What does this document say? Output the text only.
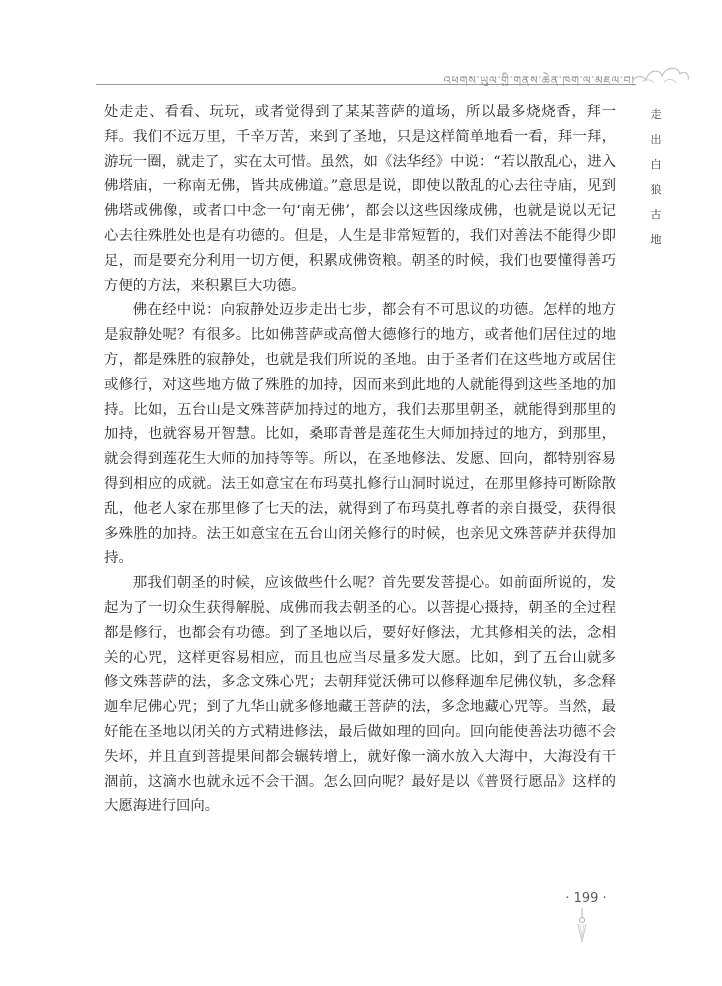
འཕགས་ཡུལ་གྱི་གནས་ཆེན་ཁག་ལ་མཇལ་བ།
走出白狼古地

处走走、看看、玩玩，或者觉得到了某某菩萨的道场，所以最多烧烧香，拜一拜。我们不远万里，千辛万苦，来到了圣地，只是这样简单地看一看，拜一拜，游玩一圈，就走了，实在太可惜。虽然，如《法华经》中说：“若以散乱心，进入佛塔庙，一称南无佛，皆共成佛道。”意思是说，即使以散乱的心去往寺庙，见到佛塔或佛像，或者口中念一句‘南无佛’，都会以这些因缘成佛，也就是说以无记心去往殊胜处也是有功德的。但是，人生是非常短暂的，我们对善法不能得少即足，而是要充分利用一切方便，积累成佛资粮。朝圣的时候，我们也要懂得善巧方便的方法，来积累巨大功德。

佛在经中说：向寂静处迈步走出七步，都会有不可思议的功德。怎样的地方是寂静处呢？有很多。比如佛菩萨或高僧大德修行的地方，或者他们居住过的地方，都是殊胜的寂静处，也就是我们所说的圣地。由于圣者们在这些地方或居住或修行，对这些地方做了殊胜的加持，因而来到此地的人就能得到这些圣地的加持。比如，五台山是文殊菩萨加持过的地方，我们去那里朝圣，就能得到那里的加持，也就容易开智慧。比如，桑耶青普是莲花生大师加持过的地方，到那里，就会得到莲花生大师的加持等等。所以，在圣地修法、发愿、回向，都特别容易得到相应的成就。法王如意宝在布玛莫扎修行山洞时说过，在那里修持可断除散乱，他老人家在那里修了七天的法，就得到了布玛莫扎尊者的亲自摄受，获得很多殊胜的加持。法王如意宝在五台山闭关修行的时候，也亲见文殊菩萨并获得加持。

那我们朝圣的时候，应该做些什么呢？首先要发菩提心。如前面所说的，发起为了一切众生获得解脱、成佛而我去朝圣的心。以菩提心摄持，朝圣的全过程都是修行，也都会有功德。到了圣地以后，要好好修法，尤其修相关的法，念相关的心咒，这样更容易相应，而且也应当尽量多发大愿。比如，到了五台山就多修文殊菩萨的法，多念文殊心咒；去朝拜觉沃佛可以修释迦牟尼佛仪轨，多念释迦牟尼佛心咒；到了九华山就多修地藏王菩萨的法，多念地藏心咒等。当然，最好能在圣地以闭关的方式精进修法，最后做如理的回向。回向能使善法功德不会失坏，并且直到菩提果间都会辗转增上，就好像一滴水放入大海中，大海没有干涸前，这滴水也就永远不会干涸。怎么回向呢？最好是以《普贤行愿品》这样的大愿海进行回向。

· 199 ·
